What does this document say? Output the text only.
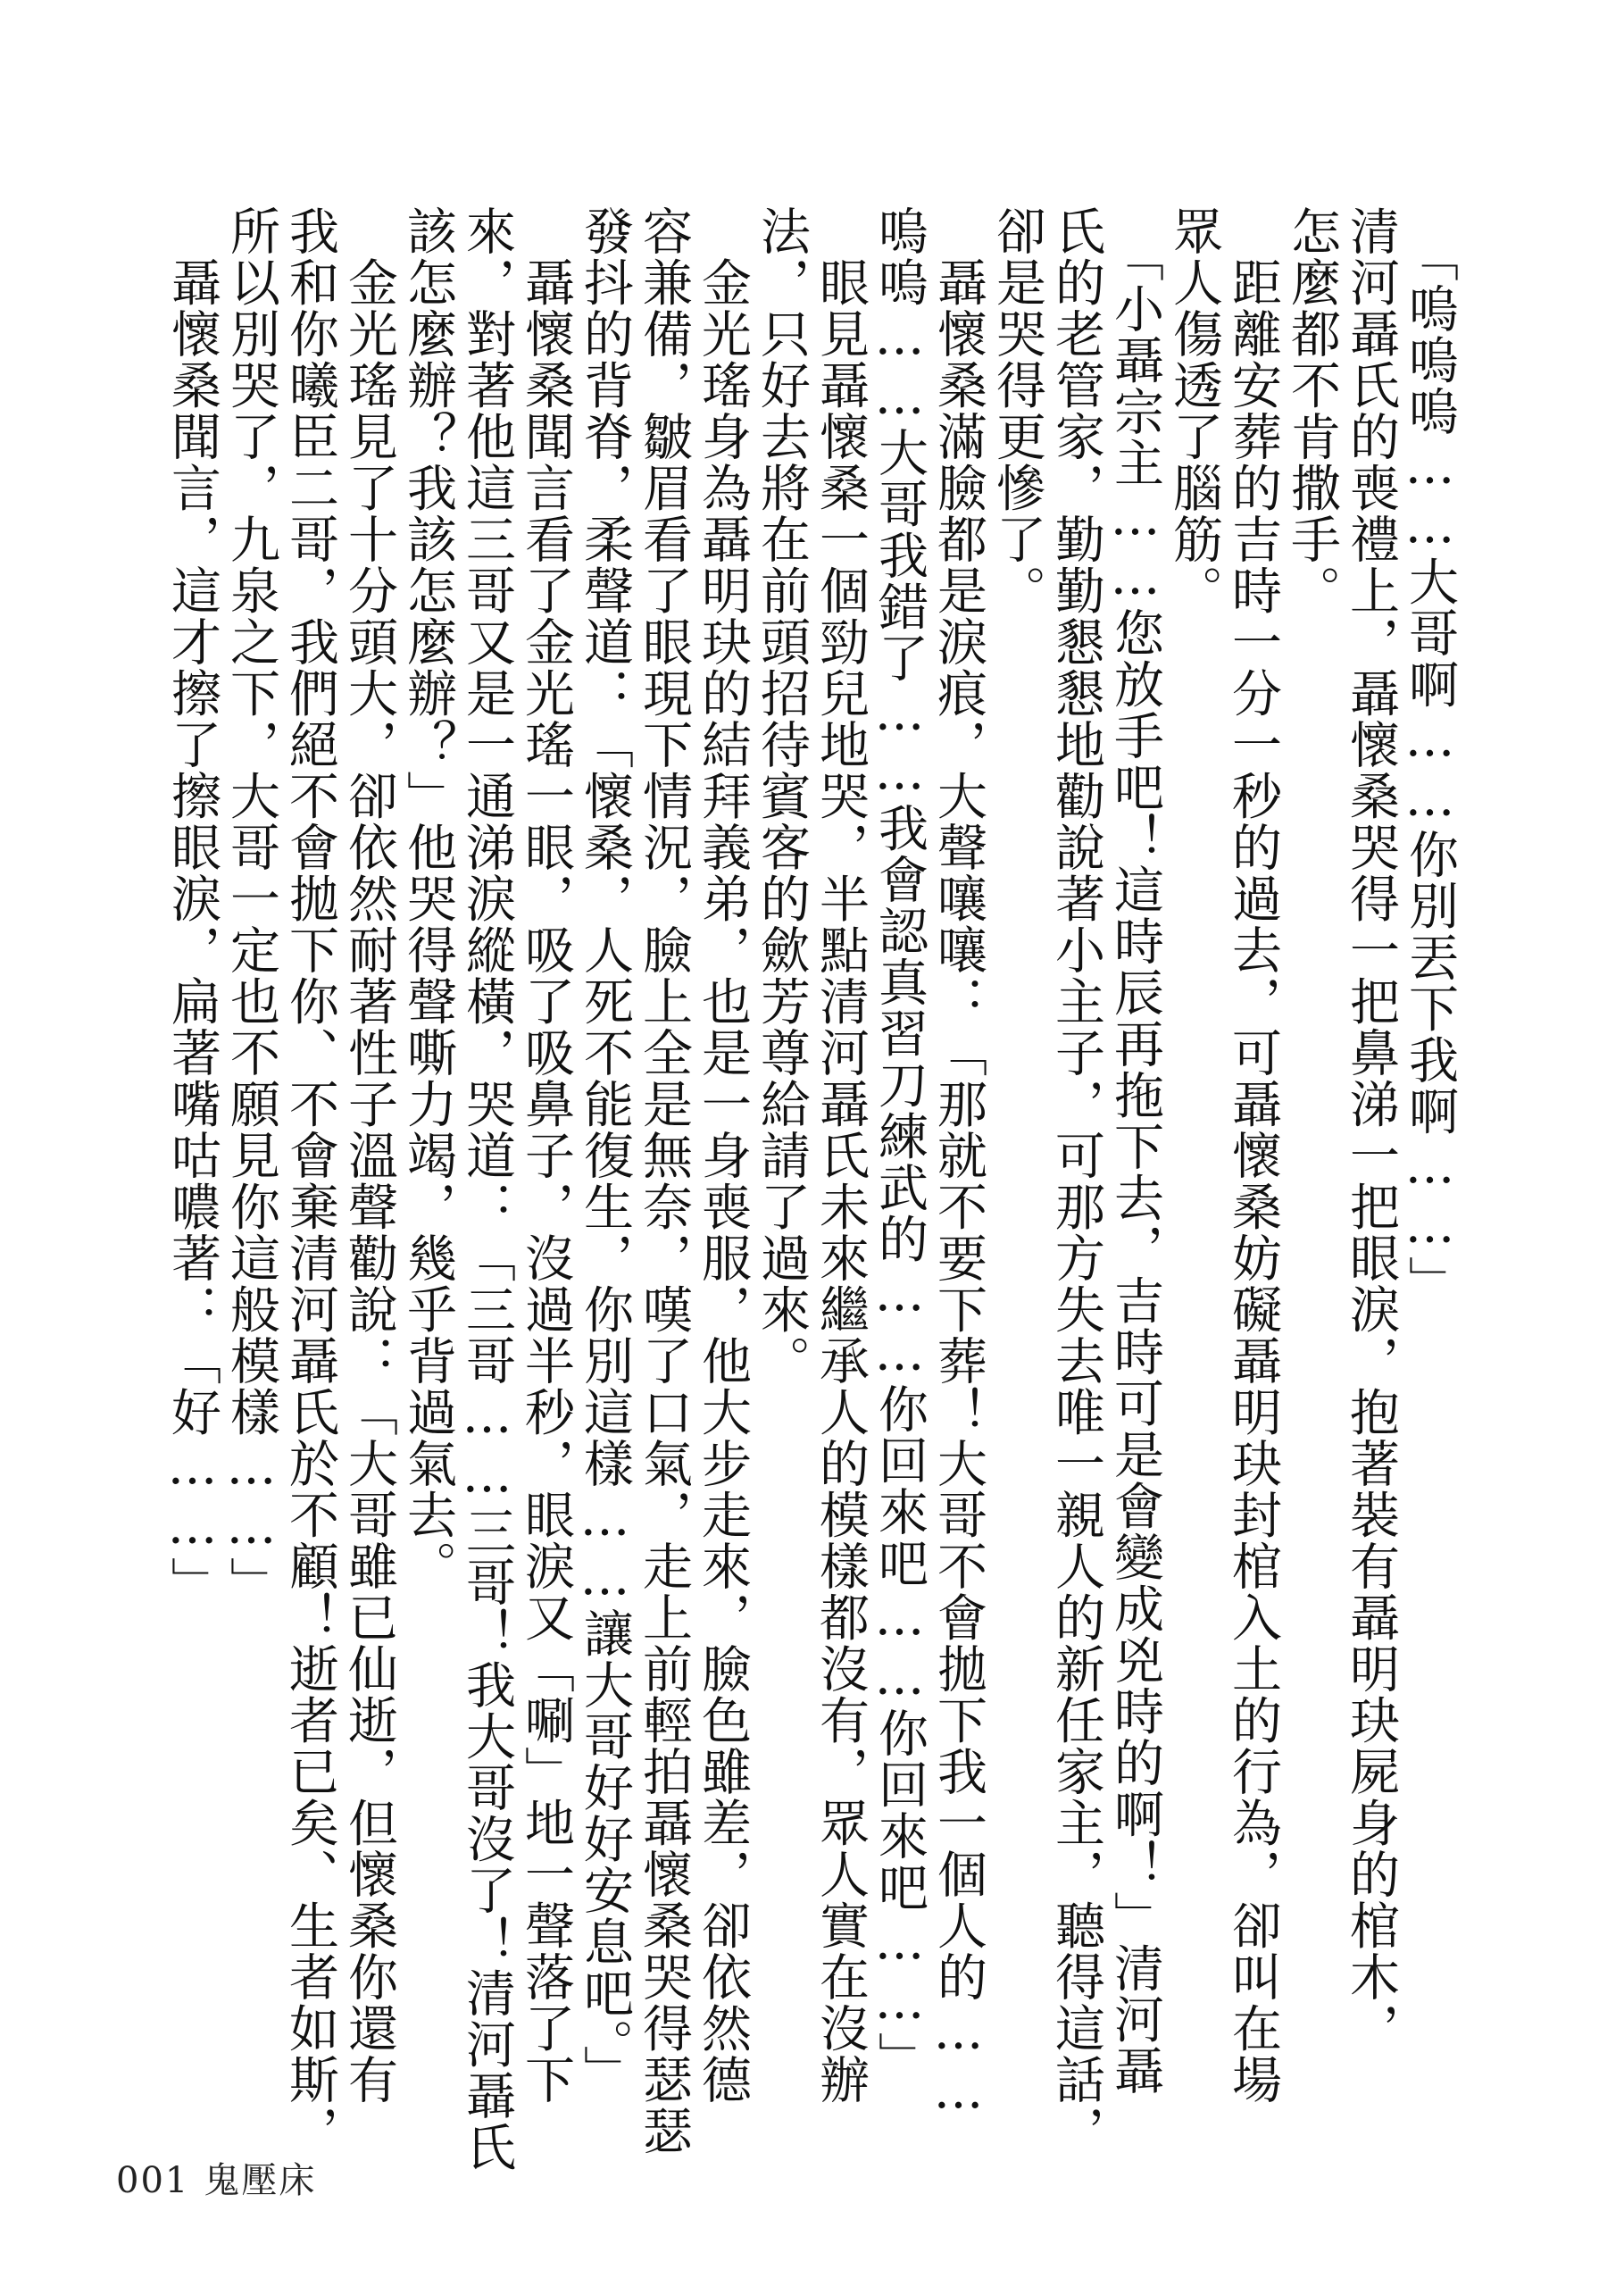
　「嗚嗚嗚……大哥啊……你別丟下我啊……」
清河聶氏的喪禮上，聶懷桑哭得一把鼻涕一把眼淚，抱著裝有聶明玦屍身的棺木，
怎麼都不肯撒手。
　距離安葬的吉時一分一秒的過去，可聶懷桑妨礙聶明玦封棺入土的行為，卻叫在場
眾人傷透了腦筋。
　「小聶宗主……您放手吧！這時辰再拖下去，吉時可是會變成兇時的啊！」清河聶
氏的老管家，勤勤懇懇地勸說著小主子，可那方失去唯一親人的新任家主，聽得這話，
卻是哭得更慘了。
　聶懷桑滿臉都是淚痕，大聲嚷嚷：「那就不要下葬！大哥不會拋下我一個人的……
嗚嗚……大哥我錯了……我會認真習刀練武的……你回來吧……你回來吧……」
　眼見聶懷桑一個勁兒地哭，半點清河聶氏未來繼承人的模樣都沒有，眾人實在沒辦
法，只好去將在前頭招待賓客的歛芳尊給請了過來。
　金光瑤身為聶明玦的結拜義弟，也是一身喪服，他大步走來，臉色雖差，卻依然德
容兼備，皺眉看了眼現下情況，臉上全是無奈，嘆了口氣，走上前輕拍聶懷桑哭得瑟瑟
發抖的背脊，柔聲道：「懷桑，人死不能復生，你別這樣……讓大哥好好安息吧。」
　聶懷桑聞言看了金光瑤一眼，吸了吸鼻子，沒過半秒，眼淚又「唰」地一聲落了下
來，對著他這三哥又是一通涕淚縱橫，哭道：「三哥……三哥！我大哥沒了！清河聶氏
該怎麼辦？我該怎麼辦？」他哭得聲嘶力竭，幾乎背過氣去。
　金光瑤見了十分頭大，卻依然耐著性子溫聲勸說：「大哥雖已仙逝，但懷桑你還有
我和你曦臣二哥，我們絕不會拋下你、不會棄清河聶氏於不顧！逝者已矣、生者如斯，
所以別哭了，九泉之下，大哥一定也不願見你這般模樣……」
　聶懷桑聞言，這才擦了擦眼淚，扁著嘴咕噥著：「好……」
001 鬼壓床
